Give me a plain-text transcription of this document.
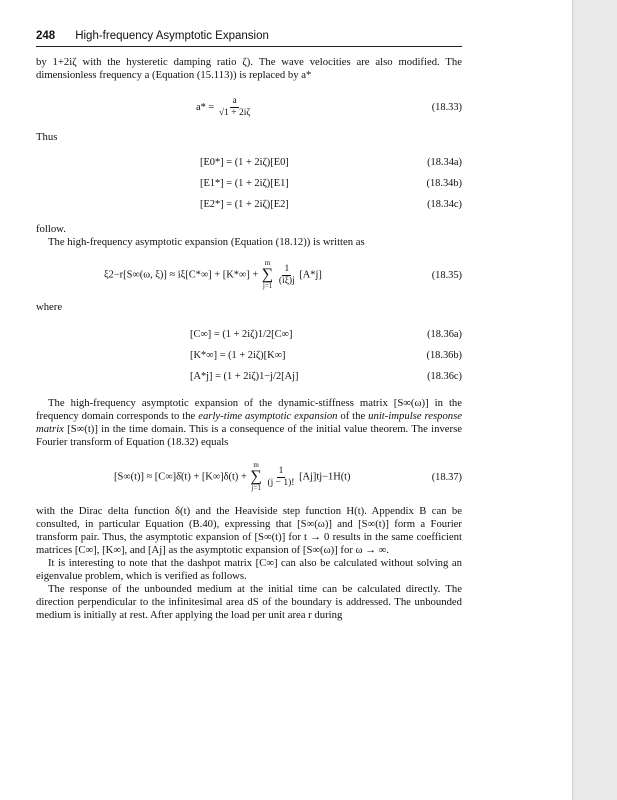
248 High-frequency Asymptotic Expansion

by 1+2iζ with the hysteretic damping ratio ζ). The wave velocities are also modified. The dimensionless frequency a (Equation (15.113)) is replaced by a*

$a* = \frac{a}{√1 + 2i\zeta}$	(18.33)

Thus

[E0*] = (1 + 2iζ)[E0]	(18.34a)
[E1*] = (1 + 2iζ)[E1]	(18.34b)
[E2*] = (1 + 2iζ)[E2]	(18.34c)

follow.

The high-frequency asymptotic expansion (Equation (18.12)) is written as

ξ2−r[S∞(ω, ξ)] ≈ iξ[C*∞] + [K*∞] +
m
∑
j=1
$\frac{1}{(i\xi)j} [A*j]$	(18.35)

where

[C∞] = (1 + 2iζ)1/2[C∞]	(18.36a)
[K*∞] = (1 + 2iζ)[K∞]	(18.36b)
[A*j] = (1 + 2iζ)1−j/2[Aj]	(18.36c)

The high-frequency asymptotic expansion of the dynamic-stiffness matrix [S∞(ω)] in the frequency domain corresponds to the early-time asymptotic expansion of the unit-impulse response matrix [S∞(t)] in the time domain. This is a consequence of the initial value theorem. The inverse Fourier transform of Equation (18.32) equals

[S∞(t)] ≈ [C∞]δ̇(t) + [K∞]δ(t) +
m
∑
j=1
$\frac{1}{(j - 1)!} [Aj]tj-1H(t)$	(18.37)

with the Dirac delta function δ(t) and the Heaviside step function H(t). Appendix B can be consulted, in particular Equation (B.40), expressing that [S∞(ω)] and [S∞(t)] form a Fourier transform pair. Thus, the asymptotic expansion of [S∞(t)] for t → 0 results in the same coefficient matrices [C∞], [K∞], and [Aj] as the asymptotic expansion of [S∞(ω)] for ω → ∞.

It is interesting to note that the dashpot matrix [C∞] can also be calculated without solving an eigenvalue problem, which is verified as follows.

The response of the unbounded medium at the initial time can be calculated directly. The direction perpendicular to the infinitesimal area dS of the boundary is addressed. The unbounded medium is initially at rest. After applying the load per unit area r during
